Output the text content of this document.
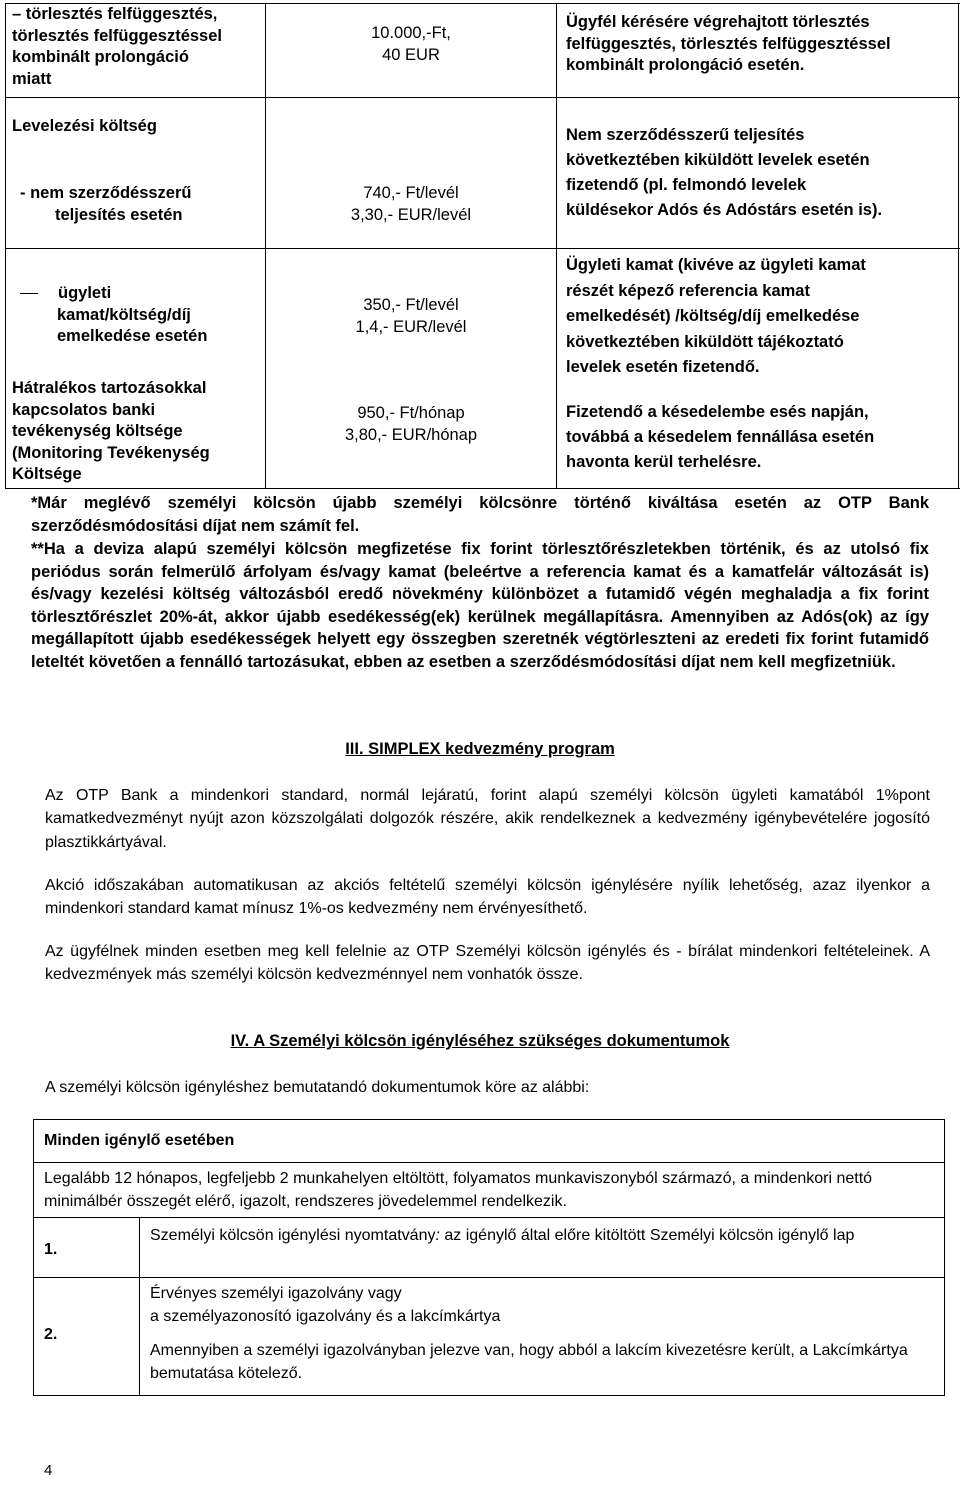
– törlesztés felfüggesztés,
törlesztés felfüggesztéssel
kombinált prolongáció
miatt
10.000,-Ft,
40 EUR
Ügyfél kérésére végrehajtott törlesztés
felfüggesztés, törlesztés felfüggesztéssel
kombinált prolongáció esetén.
Levelezési költség
- nem szerződésszerű
teljesítés esetén
740,- Ft/levél
3,30,- EUR/levél
Nem szerződésszerű teljesítés
következtében kiküldött levelek esetén
fizetendő (pl. felmondó levelek
küldésekor Adós és Adóstárs esetén is).
ügyleti
kamat/költség/díj
emelkedése esetén
350,- Ft/levél
1,4,- EUR/levél
Ügyleti kamat (kivéve az ügyleti kamat
részét képező referencia kamat
emelkedését) /költség/díj emelkedése
következtében kiküldött tájékoztató
levelek esetén fizetendő.
Hátralékos tartozásokkal
kapcsolatos banki
tevékenység költsége
(Monitoring Tevékenység
Költsége
950,- Ft/hónap
3,80,- EUR/hónap
Fizetendő a késedelembe esés napján,
továbbá a késedelem fennállása esetén
havonta kerül terhelésre.
*Már meglévő személyi kölcsön újabb személyi kölcsönre történő kiváltása esetén az OTP Bank szerződésmódosítási díjat nem számít fel.
**Ha a deviza alapú személyi kölcsön megfizetése fix forint törlesztőrészletekben történik, és az utolsó fix periódus során felmerülő árfolyam és/vagy kamat (beleértve a referencia kamat és a kamatfelár változását is) és/vagy kezelési költség változásból eredő növekmény különbözet a futamidő végén meghaladja a fix forint törlesztőrészlet 20%-át, akkor újabb esedékesség(ek) kerülnek megállapításra. Amennyiben az Adós(ok) az így megállapított újabb esedékességek helyett egy összegben szeretnék végtörleszteni az eredeti fix forint futamidő leteltét követően a fennálló tartozásukat, ebben az esetben a szerződésmódosítási díjat nem kell megfizetniük.
III. SIMPLEX kedvezmény program
Az OTP Bank a mindenkori standard, normál lejáratú, forint alapú személyi kölcsön ügyleti kamatából 1%pont kamatkedvezményt nyújt azon közszolgálati dolgozók részére, akik rendelkeznek a kedvezmény igénybevételére jogosító plasztikkártyával.
Akció időszakában automatikusan az akciós feltételű személyi kölcsön igénylésére nyílik lehetőség, azaz ilyenkor a mindenkori standard kamat mínusz 1%-os kedvezmény nem érvényesíthető.
Az ügyfélnek minden esetben meg kell felelnie az OTP Személyi kölcsön igénylés és - bírálat mindenkori feltételeinek. A kedvezmények más személyi kölcsön kedvezménnyel nem vonhatók össze.
IV. A Személyi kölcsön igényléséhez szükséges dokumentumok
A személyi kölcsön igényléshez bemutatandó dokumentumok köre az alábbi:
Minden igénylő esetében
Legalább 12 hónapos, legfeljebb 2 munkahelyen eltöltött, folyamatos munkaviszonyból származó, a mindenkori nettó minimálbér összegét elérő, igazolt, rendszeres jövedelemmel rendelkezik.
1.
Személyi kölcsön igénylési nyomtatvány: az igénylő által előre kitöltött Személyi kölcsön igénylő lap
2.
Érvényes személyi igazolvány vagy
a személyazonosító igazolvány és a lakcímkártya
Amennyiben a személyi igazolványban jelezve van, hogy abból a lakcím kivezetésre került, a Lakcímkártya bemutatása kötelező.
4
